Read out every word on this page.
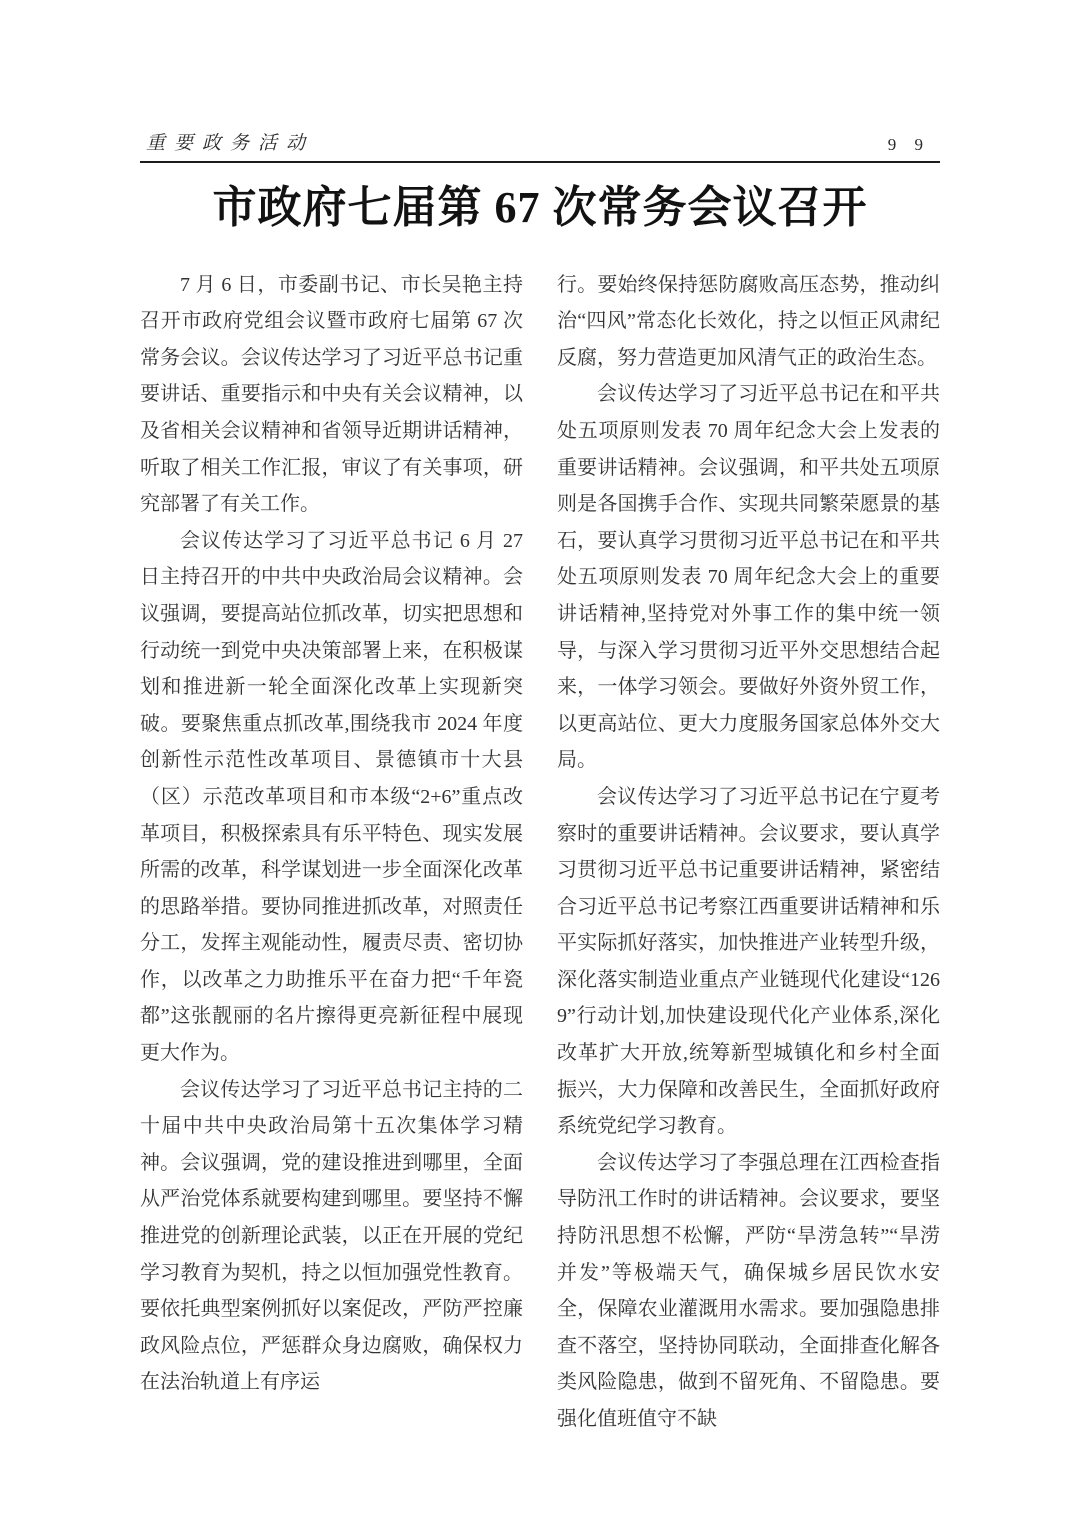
重要政务活动	9 9
市政府七届第 67 次常务会议召开

7 月 6 日，市委副书记、市长吴艳主持召开市政府党组会议暨市政府七届第 67 次常务会议。会议传达学习了习近平总书记重要讲话、重要指示和中央有关会议精神，以及省相关会议精神和省领导近期讲话精神，听取了相关工作汇报，审议了有关事项，研究部署了有关工作。

会议传达学习了习近平总书记 6 月 27 日主持召开的中共中央政治局会议精神。会议强调，要提高站位抓改革，切实把思想和行动统一到党中央决策部署上来，在积极谋划和推进新一轮全面深化改革上实现新突破。要聚焦重点抓改革,围绕我市 2024 年度创新性示范性改革项目、景德镇市十大县（区）示范改革项目和市本级“2+6”重点改革项目，积极探索具有乐平特色、现实发展所需的改革，科学谋划进一步全面深化改革的思路举措。要协同推进抓改革，对照责任分工，发挥主观能动性，履责尽责、密切协作，以改革之力助推乐平在奋力把“千年瓷都”这张靓丽的名片擦得更亮新征程中展现更大作为。

会议传达学习了习近平总书记主持的二十届中共中央政治局第十五次集体学习精神。会议强调，党的建设推进到哪里，全面从严治党体系就要构建到哪里。要坚持不懈推进党的创新理论武装，以正在开展的党纪学习教育为契机，持之以恒加强党性教育。要依托典型案例抓好以案促改，严防严控廉政风险点位，严惩群众身边腐败，确保权力在法治轨道上有序运

行。要始终保持惩防腐败高压态势，推动纠治“四风”常态化长效化，持之以恒正风肃纪反腐，努力营造更加风清气正的政治生态。

会议传达学习了习近平总书记在和平共处五项原则发表 70 周年纪念大会上发表的重要讲话精神。会议强调，和平共处五项原则是各国携手合作、实现共同繁荣愿景的基石，要认真学习贯彻习近平总书记在和平共处五项原则发表 70 周年纪念大会上的重要讲话精神,坚持党对外事工作的集中统一领导，与深入学习贯彻习近平外交思想结合起来，一体学习领会。要做好外资外贸工作，以更高站位、更大力度服务国家总体外交大局。

会议传达学习了习近平总书记在宁夏考察时的重要讲话精神。会议要求，要认真学习贯彻习近平总书记重要讲话精神，紧密结合习近平总书记考察江西重要讲话精神和乐平实际抓好落实，加快推进产业转型升级，深化落实制造业重点产业链现代化建设“1269”行动计划,加快建设现代化产业体系,深化改革扩大开放,统筹新型城镇化和乡村全面振兴，大力保障和改善民生，全面抓好政府系统党纪学习教育。

会议传达学习了李强总理在江西检查指导防汛工作时的讲话精神。会议要求，要坚持防汛思想不松懈，严防“旱涝急转”“旱涝并发”等极端天气，确保城乡居民饮水安全，保障农业灌溉用水需求。要加强隐患排查不落空，坚持协同联动，全面排查化解各类风险隐患，做到不留死角、不留隐患。要强化值班值守不缺
